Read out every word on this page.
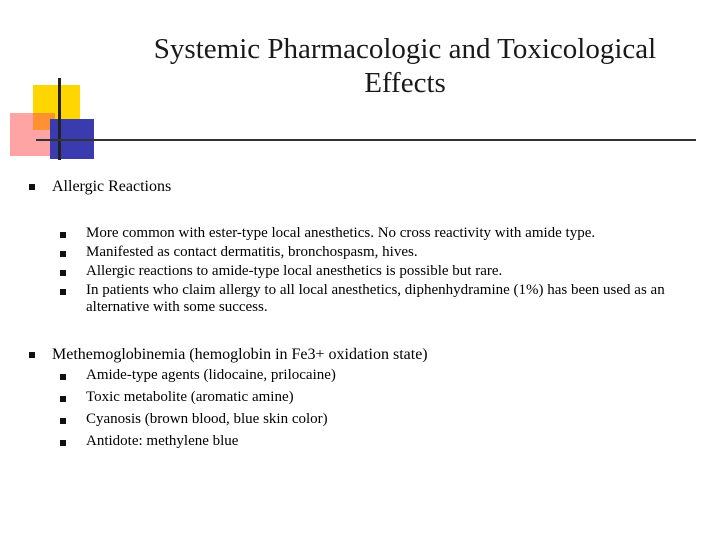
Systemic Pharmacologic and Toxicological
Effects
Allergic Reactions
More common with ester-type local anesthetics. No cross reactivity with amide type.
Manifested as contact dermatitis, bronchospasm, hives.
Allergic reactions to amide-type local anesthetics is possible but rare.
In patients who claim allergy to all local anesthetics, diphenhydramine (1%) has been used as an alternative with some success.
Methemoglobinemia (hemoglobin in Fe3+ oxidation state)
Amide-type agents (lidocaine, prilocaine)
Toxic metabolite (aromatic amine)
Cyanosis (brown blood, blue skin color)
Antidote: methylene blue
